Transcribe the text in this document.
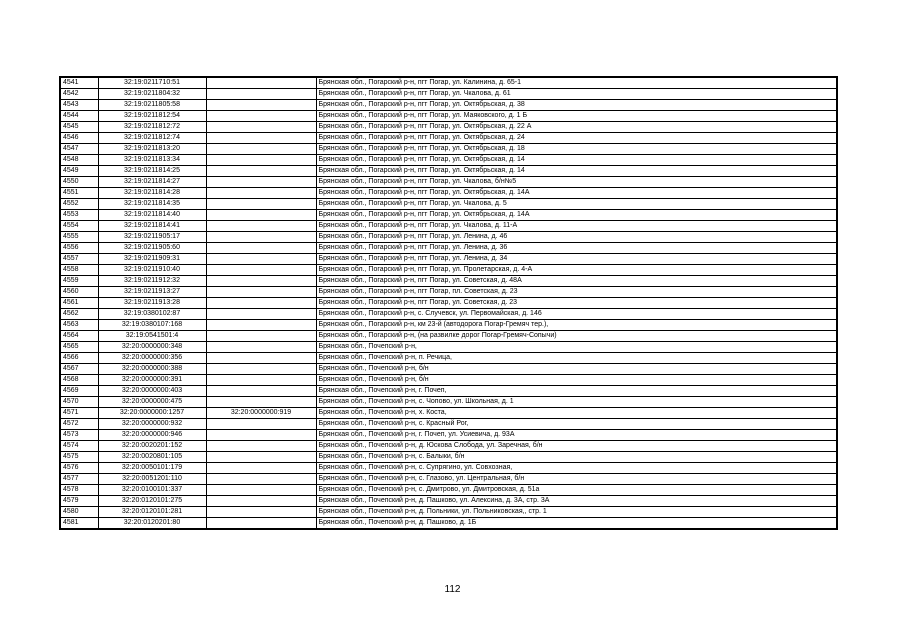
4541	32:19:0211710:51		Брянская обл., Погарский р-н, пгт Погар, ул. Калинина, д. 65-1
4542	32:19:0211804:32		Брянская обл., Погарский р-н, пгт Погар, ул. Чкалова, д. 61
4543	32:19:0211805:58		Брянская обл., Погарский р-н, пгт Погар, ул. Октябрьская, д. 38
4544	32:19:0211812:54		Брянская обл., Погарский р-н, пгт Погар, ул. Маяковского, д. 1 Б
4545	32:19:0211812:72		Брянская обл., Погарский р-н, пгт Погар, ул. Октябрьская, д. 22 А
4546	32:19:0211812:74		Брянская обл., Погарский р-н, пгт Погар, ул. Октябрьская, д. 24
4547	32:19:0211813:20		Брянская обл., Погарский р-н, пгт Погар, ул. Октябрьская, д. 18
4548	32:19:0211813:34		Брянская обл., Погарский р-н, пгт Погар, ул. Октябрьская, д. 14
4549	32:19:0211814:25		Брянская обл., Погарский р-н, пгт Погар, ул. Октябрьская, д. 14
4550	32:19:0211814:27		Брянская обл., Погарский р-н, пгт Погар, ул. Чкалова, б/н№5
4551	32:19:0211814:28		Брянская обл., Погарский р-н, пгт Погар, ул. Октябрьская, д. 14А
4552	32:19:0211814:35		Брянская обл., Погарский р-н, пгт Погар, ул. Чкалова, д. 5
4553	32:19:0211814:40		Брянская обл., Погарский р-н, пгт Погар, ул. Октябрьская, д. 14А
4554	32:19:0211814:41		Брянская обл., Погарский р-н, пгт Погар, ул. Чкалова, д. 11-А
4555	32:19:0211905:17		Брянская обл., Погарский р-н, пгт Погар, ул. Ленина, д. 46
4556	32:19:0211905:60		Брянская обл., Погарский р-н, пгт Погар, ул. Ленина, д. 36
4557	32:19:0211909:31		Брянская обл., Погарский р-н, пгт Погар, ул. Ленина, д. 34
4558	32:19:0211910:40		Брянская обл., Погарский р-н, пгт Погар, ул. Пролетарская, д. 4-А
4559	32:19:0211912:32		Брянская обл., Погарский р-н, пгт Погар, ул. Советская, д. 48А
4560	32:19:0211913:27		Брянская обл., Погарский р-н, пгт Погар, пл. Советская, д. 23
4561	32:19:0211913:28		Брянская обл., Погарский р-н, пгт Погар, ул. Советская, д. 23
4562	32:19:0380102:87		Брянская обл., Погарский р-н, с. Случевск, ул. Первомайская, д. 146
4563	32:19:0380107:168		Брянская обл., Погарский р-н, км 23-й (автодорога Погар-Гремяч тер.),
4564	32:19:0541501:4		Брянская обл., Погарский р-н, (на развилке дорог Погар-Гремяч-Сопычи)
4565	32:20:0000000:348		Брянская обл., Почепский р-н,
4566	32:20:0000000:356		Брянская обл., Почепский р-н, п. Речица,
4567	32:20:0000000:388		Брянская обл., Почепский р-н, б/н
4568	32:20:0000000:391		Брянская обл., Почепский р-н, б/н
4569	32:20:0000000:403		Брянская обл., Почепский р-н, г. Почеп,
4570	32:20:0000000:475		Брянская обл., Почепский р-н, с. Чоповo, ул. Школьная, д. 1
4571	32:20:0000000:1257	32:20:0000000:919	Брянская обл., Почепский р-н, х. Коста,
4572	32:20:0000000:932		Брянская обл., Почепский р-н, с. Красный Рог,
4573	32:20:0000000:946		Брянская обл., Почепский р-н, г. Почеп, ул. Усиевича, д. 93А
4574	32:20:0020201:152		Брянская обл., Почепский р-н, д. Юскова Слобода, ул. Заречная, б/н
4575	32:20:0020801:105		Брянская обл., Почепский р-н, с. Балыки, б/н
4576	32:20:0050101:179		Брянская обл., Почепский р-н, с. Супрягино, ул. Совхозная,
4577	32:20:0051201:110		Брянская обл., Почепский р-н, с. Глазово, ул. Центральная, б/н
4578	32:20:0100101:337		Брянская обл., Почепский р-н, с. Дмитрово, ул. Дмитровская, д. 51а
4579	32:20:0120101:275		Брянская обл., Почепский р-н, д. Пашково, ул. Алексина, д. 3А, стр. 3А
4580	32:20:0120101:281		Брянская обл., Почепский р-н, д. Польники, ул. Польниковская,, стр. 1
4581	32:20:0120201:80		Брянская обл., Почепский р-н, д. Пашково, д. 1Б
112
